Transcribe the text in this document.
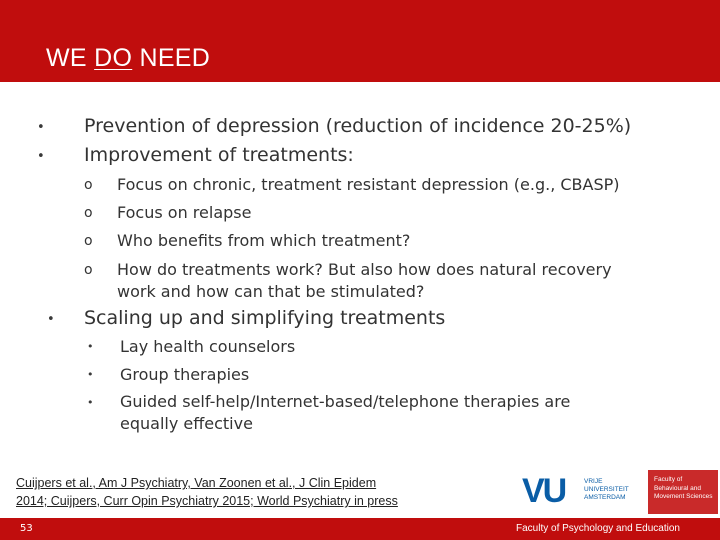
WE DO NEED
• Prevention of depression (reduction of incidence 20-25%)
• Improvement of treatments:
o Focus on chronic, treatment resistant depression (e.g., CBASP)
o Focus on relapse
o Who benefits from which treatment?
o How do treatments work? But also how does natural recovery
work and how can that be stimulated?
• Scaling up and simplifying treatments
• Lay health counselors
• Group therapies
• Guided self-help/Internet-based/telephone therapies are
equally effective
Cuijpers et al., Am J Psychiatry, Van Zoonen et al., J Clin Epidem
2014; Cuijpers, Curr Opin Psychiatry 2015; World Psychiatry in press	VU	VRIJE
UNIVERSITEIT
AMSTERDAM
Faculty of
Behavioural and
Movement Sciences
53	Faculty of Psychology and Education
